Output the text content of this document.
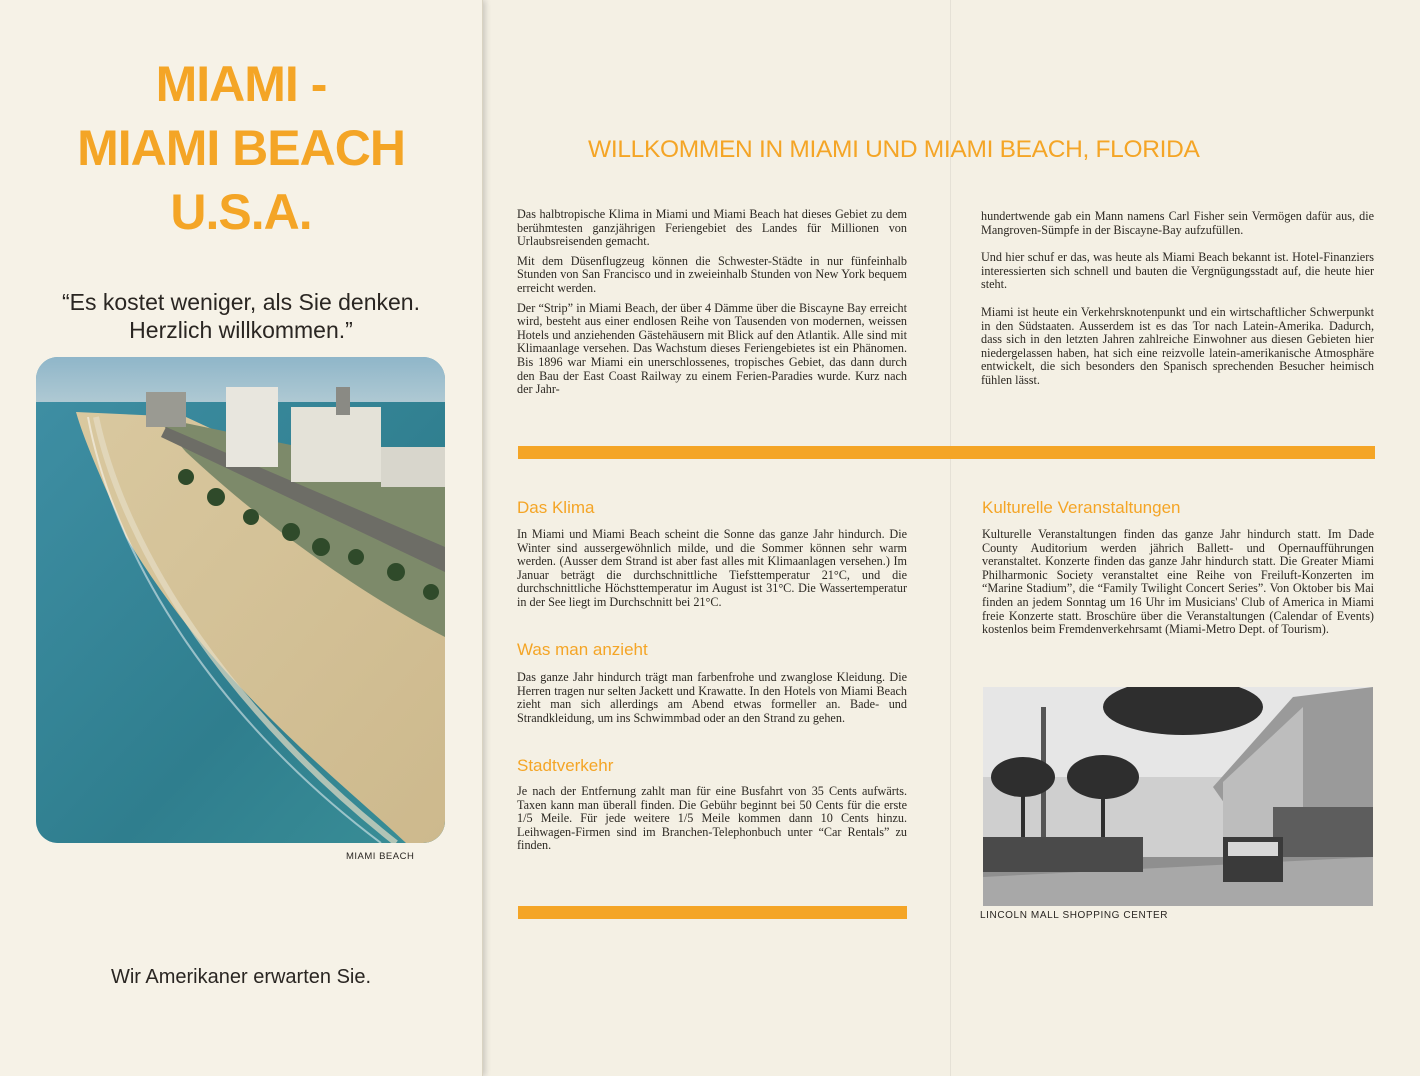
MIAMI -
MIAMI BEACH
U.S.A.
“Es kostet weniger, als Sie denken.
Herzlich willkommen.”
MIAMI BEACH
Wir Amerikaner erwarten Sie.
WILLKOMMEN IN MIAMI UND MIAMI BEACH, FLORIDA

Das halbtropische Klima in Miami und Miami Beach hat dieses Gebiet zu dem berühmtesten ganzjährigen Feriengebiet des Landes für Millionen von Urlaubsreisenden gemacht.

Mit dem Düsenflugzeug können die Schwester-Städte in nur fünfeinhalb Stunden von San Francisco und in zweieinhalb Stunden von New York bequem erreicht werden.

Der “Strip” in Miami Beach, der über 4 Dämme über die Biscayne Bay erreicht wird, besteht aus einer endlosen Reihe von Tausenden von modernen, weissen Hotels und anziehenden Gästehäusern mit Blick auf den Atlantik. Alle sind mit Klimaanlage versehen. Das Wachstum dieses Feriengebietes ist ein Phänomen. Bis 1896 war Miami ein unerschlossenes, tropisches Gebiet, das dann durch den Bau der East Coast Railway zu einem Ferien-Paradies wurde. Kurz nach der Jahr-

hundertwende gab ein Mann namens Carl Fisher sein Vermögen dafür aus, die Mangroven-Sümpfe in der Biscayne-Bay aufzufüllen.

Und hier schuf er das, was heute als Miami Beach bekannt ist. Hotel-Finanziers interessierten sich schnell und bauten die Vergnügungsstadt auf, die heute hier steht.

Miami ist heute ein Verkehrsknotenpunkt und ein wirtschaftlicher Schwerpunkt in den Südstaaten. Ausserdem ist es das Tor nach Latein-Amerika. Dadurch, dass sich in den letzten Jahren zahlreiche Einwohner aus diesen Gebieten hier niedergelassen haben, hat sich eine reizvolle latein-amerikanische Atmosphäre entwickelt, die sich besonders den Spanisch sprechenden Besucher heimisch fühlen lässt.

Das Klima

In Miami und Miami Beach scheint die Sonne das ganze Jahr hindurch. Die Winter sind aussergewöhnlich milde, und die Sommer können sehr warm werden. (Ausser dem Strand ist aber fast alles mit Klimaanlagen versehen.) Im Januar beträgt die durchschnittliche Tiefsttemperatur 21°C, und die durchschnittliche Höchsttemperatur im August ist 31°C. Die Wassertemperatur in der See liegt im Durchschnitt bei 21°C.

Was man anzieht

Das ganze Jahr hindurch trägt man farbenfrohe und zwanglose Kleidung. Die Herren tragen nur selten Jackett und Krawatte. In den Hotels von Miami Beach zieht man sich allerdings am Abend etwas formeller an. Bade- und Strandkleidung, um ins Schwimmbad oder an den Strand zu gehen.

Stadtverkehr

Je nach der Entfernung zahlt man für eine Busfahrt von 35 Cents aufwärts. Taxen kann man überall finden. Die Gebühr beginnt bei 50 Cents für die erste 1/5 Meile. Für jede weitere 1/5 Meile kommen dann 10 Cents hinzu. Leihwagen-Firmen sind im Branchen-Telephonbuch unter “Car Rentals” zu finden.

Kulturelle Veranstaltungen

Kulturelle Veranstaltungen finden das ganze Jahr hindurch statt. Im Dade County Auditorium werden jährich Ballett- und Opernaufführungen veranstaltet. Konzerte finden das ganze Jahr hindurch statt. Die Greater Miami Philharmonic Society veranstaltet eine Reihe von Freiluft-Konzerten im “Marine Stadium”, die “Family Twilight Concert Series”. Von Oktober bis Mai finden an jedem Sonntag um 16 Uhr im Musicians' Club of America in Miami freie Konzerte statt. Broschüre über die Veranstaltungen (Calendar of Events) kostenlos beim Fremdenverkehrsamt (Miami-Metro Dept. of Tourism).

LINCOLN MALL SHOPPING CENTER
